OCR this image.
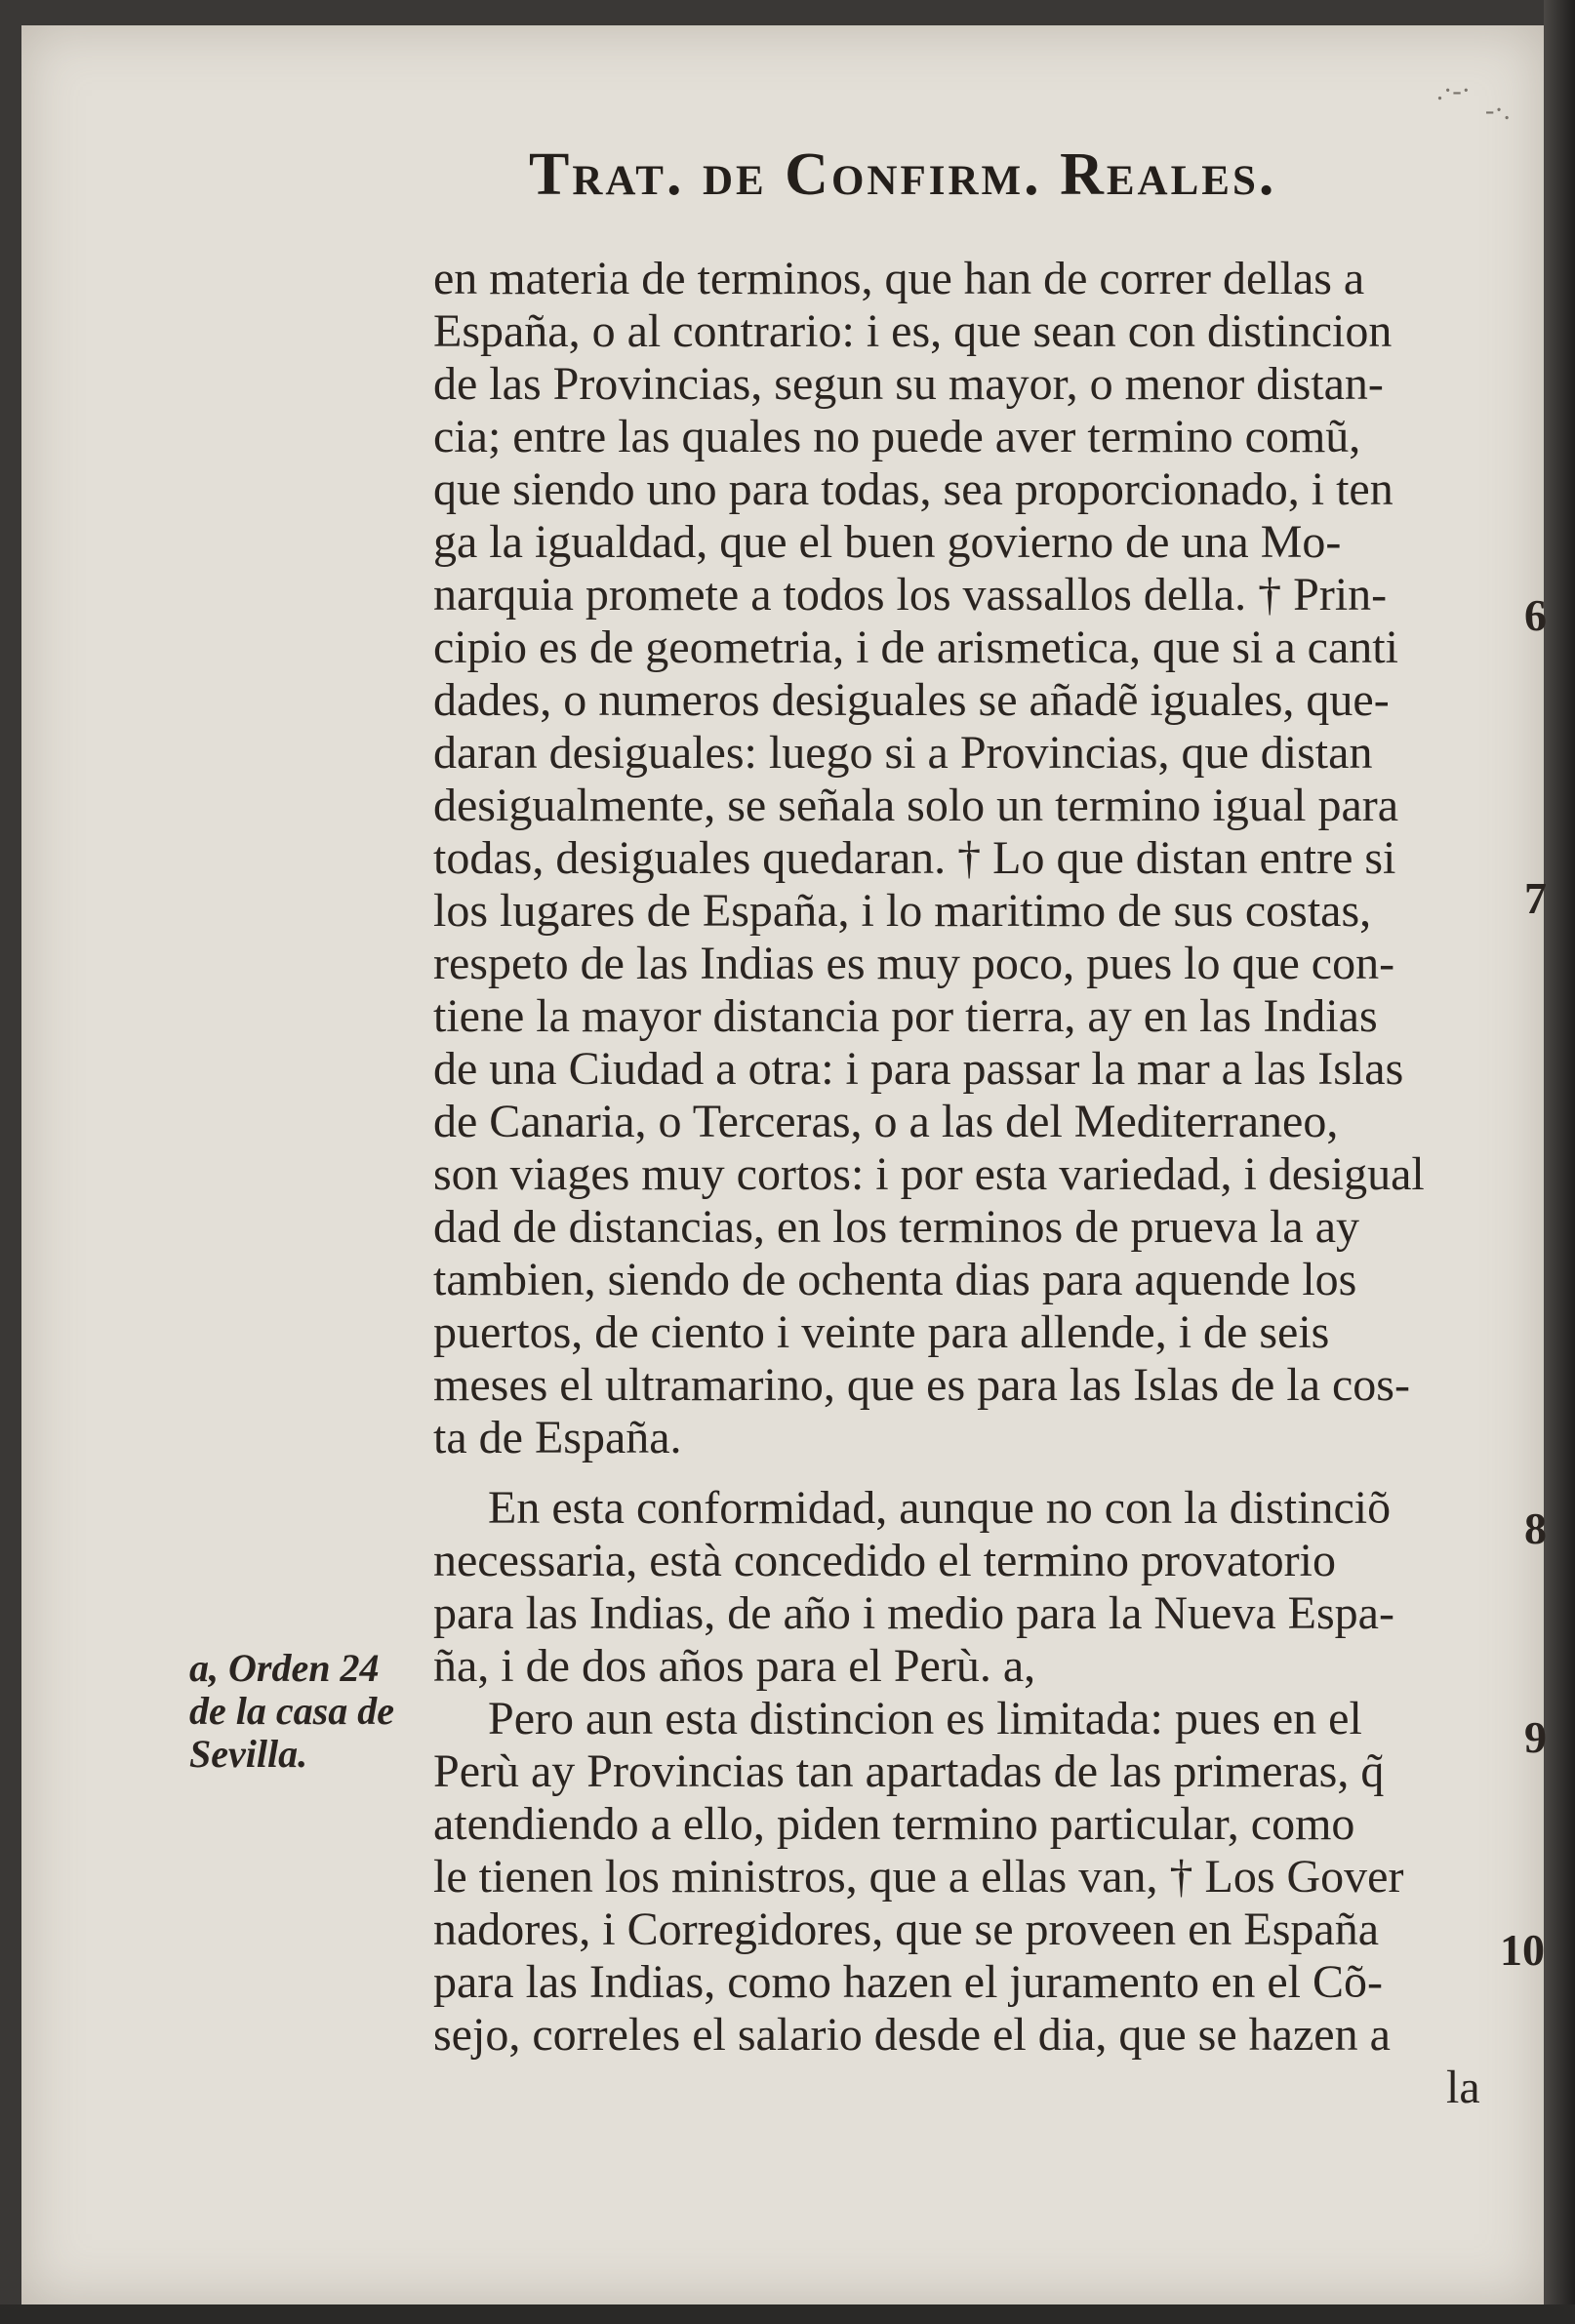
.·-·
-·.
Trat. de Confirm. Reales.
en materia de terminos, que han de correr dellas a
España, o al contrario: i es, que sean con distincion
de las Provincias, segun su mayor, o menor distan-
cia; entre las quales no puede aver termino comũ,
que siendo uno para todas, sea proporcionado, i ten
ga la igualdad, que el buen govierno de una Mo-
narquia promete a todos los vassallos della. † Prin-
cipio es de geometria, i de arismetica, que si a canti
dades, o numeros desiguales se añadẽ iguales, que-
daran desiguales: luego si a Provincias, que distan
desigualmente, se señala solo un termino igual para
todas, desiguales quedaran. † Lo que distan entre si
los lugares de España, i lo maritimo de sus costas,
respeto de las Indias es muy poco, pues lo que con-
tiene la mayor distancia por tierra, ay en las Indias
de una Ciudad a otra: i para passar la mar a las Islas
de Canaria, o Terceras, o a las del Mediterraneo,
son viages muy cortos: i por esta variedad, i desigual
dad de distancias, en los terminos de prueva la ay
tambien, siendo de ochenta dias para aquende los
puertos, de ciento i veinte para allende, i de seis
meses el ultramarino, que es para las Islas de la cos-
ta de España.
En esta conformidad, aunque no con la distinciõ
necessaria, està concedido el termino provatorio
para las Indias, de año i medio para la Nueva Espa-
ña, i de dos años para el Perù. a,
Pero aun esta distincion es limitada: pues en el
Perù ay Provincias tan apartadas de las primeras, q̃
atendiendo a ello, piden termino particular, como
le tienen los ministros, que a ellas van, † Los Gover
nadores, i Corregidores, que se proveen en España
para las Indias, como hazen el juramento en el Cõ-
sejo, correles el salario desde el dia, que se hazen a
la
6
7
8
9
10
a, Orden 24
de la casa de
Sevilla.
